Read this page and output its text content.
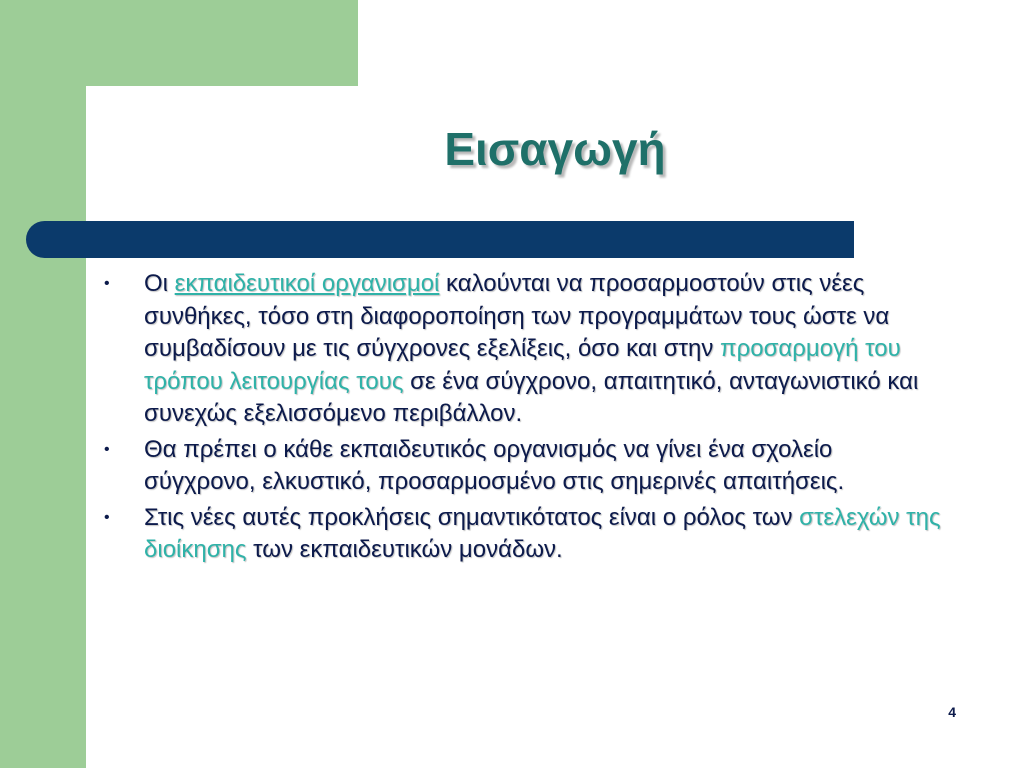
Εισαγωγή
• Οι εκπαιδευτικοί οργανισμοί καλούνται να προσαρμοστούν στις νέες συνθήκες, τόσο στη διαφοροποίηση των προγραμμάτων τους ώστε να συμβαδίσουν με τις σύγχρονες εξελίξεις, όσο και στην προσαρμογή του τρόπου λειτουργίας τους σε ένα σύγχρονο, απαιτητικό, ανταγωνιστικό και συνεχώς εξελισσόμενο περιβάλλον.
• Θα πρέπει ο κάθε εκπαιδευτικός οργανισμός να γίνει ένα σχολείο σύγχρονο, ελκυστικό, προσαρμοσμένο στις σημερινές απαιτήσεις.
• Στις νέες αυτές προκλήσεις σημαντικότατος είναι ο ρόλος των στελεχών της διοίκησης των εκπαιδευτικών μονάδων.
4
